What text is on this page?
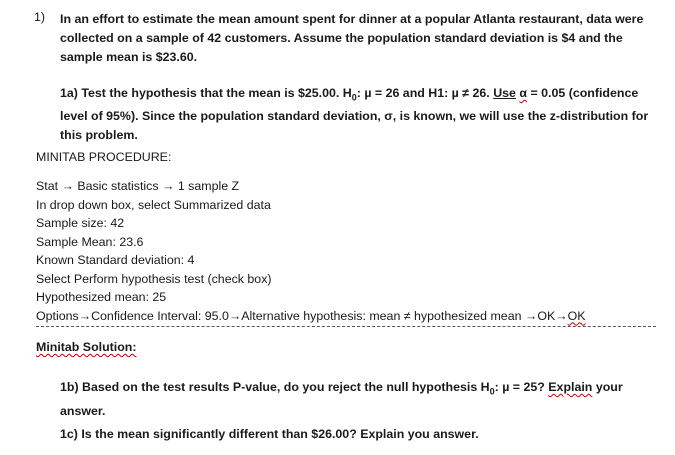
1) In an effort to estimate the mean amount spent for dinner at a popular Atlanta restaurant, data were collected on a sample of 42 customers. Assume the population standard deviation is $4 and the sample mean is $23.60.
1a) Test the hypothesis that the mean is $25.00. $H_0$: µ = 26 and H1: µ ≠ 26. Use α = 0.05 (confidence level of 95%). Since the population standard deviation, σ, is known, we will use the z-distribution for this problem.
MINITAB PROCEDURE:
Stat → Basic statistics → 1 sample Z
In drop down box, select Summarized data
Sample size: 42
Sample Mean: 23.6
Known Standard deviation: 4
Select Perform hypothesis test (check box)
Hypothesized mean: 25
Options→Confidence Interval: 95.0→Alternative hypothesis: mean ≠ hypothesized mean →OK→OK
Minitab Solution:
1b) Based on the test results P-value, do you reject the null hypothesis $H_0$: µ = 25? Explain your answer.
1c) Is the mean significantly different than $26.00? Explain you answer.
